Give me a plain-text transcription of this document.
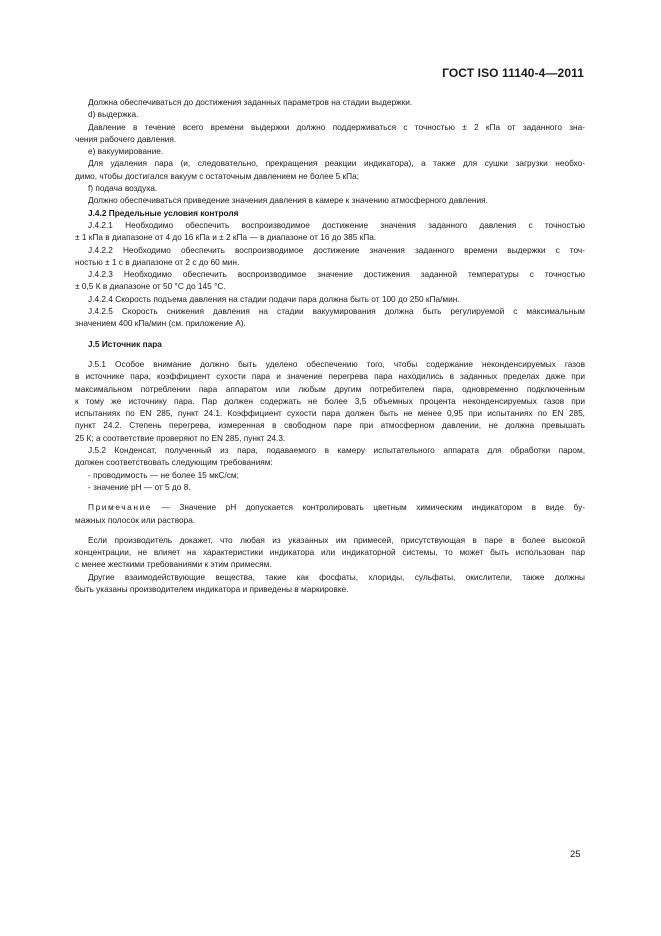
ГОСТ ISO 11140-4—2011
Должна обеспечиваться до достижения заданных параметров на стадии выдержки.
d) выдержка.
Давление в течение всего времени выдержки должно поддерживаться с точностью ± 2 кПа от заданного зна-
чения рабочего давления.
e) вакуумирование.
Для удаления пара (и, следовательно, прекращения реакции индикатора), а также для сушки загрузки необхо-
димо, чтобы достигался вакуум с остаточным давлением не более 5 кПа;
f) подача воздуха.
Должно обеспечиваться приведение значения давления в камере к значению атмосферного давления.
J.4.2 Предельные условия контроля
J.4.2.1 Необходимо обеспечить воспроизводимое достижение значения заданного давления с точностью
± 1 кПа в диапазоне от 4 до 16 кПа и ± 2 кПа — в диапазоне от 16 до 385 кПа.
J.4.2.2 Необходимо обеспечить воспроизводимое достижение значения заданного времени выдержки с точ-
ностью ± 1 с в диапазоне от 2 с до 60 мин.
J.4.2.3 Необходимо обеспечить воспроизводимое значение достижения заданной температуры с точностью
± 0,5 К в диапазоне от 50 °С до 145 °С.
J.4.2.4 Скорость подъема давления на стадии подачи пара должна быть от 100 до 250 кПа/мин.
J.4.2.5 Скорость снижения давления на стадии вакуумирования должна быть регулируемой с максимальным
значением 400 кПа/мин (см. приложение А).
J.5 Источник пара
J.5.1 Особое внимание должно быть уделено обеспечению того, чтобы содержание неконденсируемых газов
в источнике пара, коэффициент сухости пара и значение перегрева пара находились в заданных пределах даже при
максимальном потреблении пара аппаратом или любым другим потребителем пара, одновременно подключенным
к тому же источнику пара. Пар должен содержать не более 3,5 объемных процента неконденсируемых газов при
испытаниях по EN 285, пункт 24.1. Коэффициент сухости пара должен быть не менее 0,95 при испытаниях по EN 285,
пункт 24.2. Степень перегрева, измеренная в свободном паре при атмосферном давлении, не должна превышать
25 К; а соответствие проверяют по EN 285, пункт 24.3.
J.5.2 Конденсат, полученный из пара, подаваемого в камеру испытательного аппарата для обработки паром,
должен соответствовать следующим требованиям:
- проводимость — не более 15 мкС/см;
- значение рН — от 5 до 8.
Примечание — Значение рН допускается контролировать цветным химическим индикатором в виде бу-
мажных полосок или раствора.
Если производитель докажет, что любая из указанных им примесей, присутствующая в паре в более высокой
концентрации, не влияет на характеристики индикатора или индикаторной системы, то может быть использован пар
с менее жесткими требованиями к этим примесям.
Другие взаимодействующие вещества, такие как фосфаты, хлориды, сульфаты, окислители, также должны
быть указаны производителем индикатора и приведены в маркировке.
25
